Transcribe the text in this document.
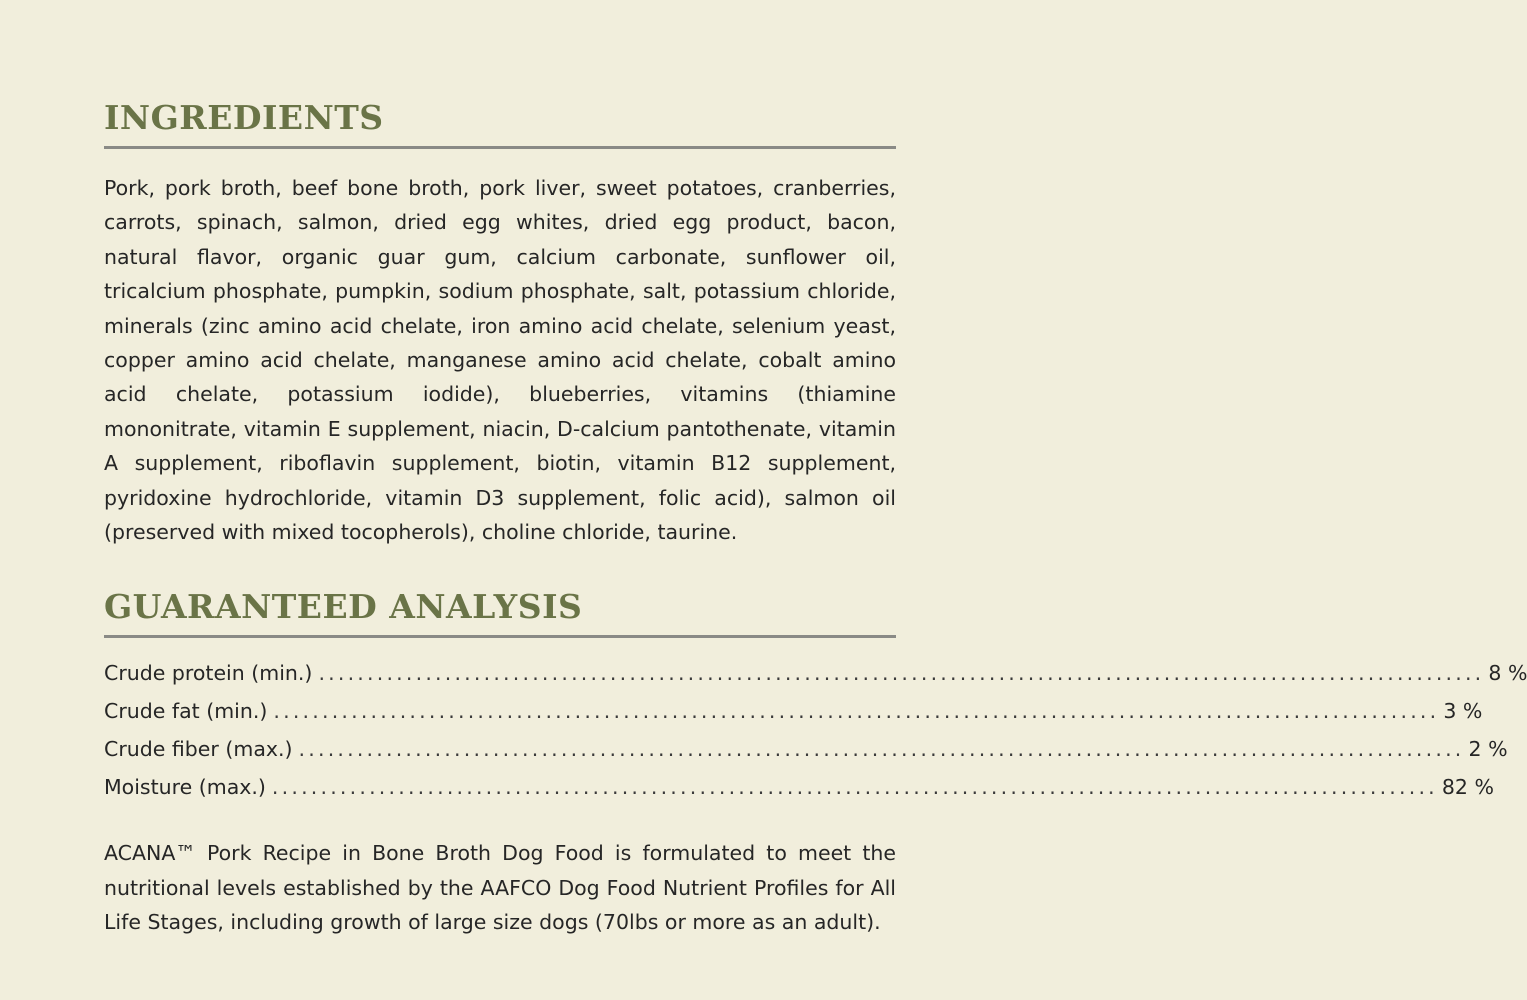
INGREDIENTS

Pork, pork broth, beef bone broth, pork liver, sweet potatoes, cranberries, carrots, spinach, salmon, dried egg whites, dried egg product, bacon, natural flavor, organic guar gum, calcium carbonate, sunflower oil, tricalcium phosphate, pumpkin, sodium phosphate, salt, potassium chloride, minerals (zinc amino acid chelate, iron amino acid chelate, selenium yeast, copper amino acid chelate, manganese amino acid chelate, cobalt amino acid chelate, potassium iodide), blueberries, vitamins (thiamine mononitrate, vitamin E supplement, niacin, D-calcium pantothenate, vitamin A supplement, riboflavin supplement, biotin, vitamin B12 supplement, pyridoxine hydrochloride, vitamin D3 supplement, folic acid), salmon oil (preserved with mixed tocopherols), choline chloride, taurine.

GUARANTEED ANALYSIS
Crude protein (min.) ........................................................................................................................ 8 %
Crude fat (min.) ........................................................................................................................ 3 %
Crude fiber (max.) ........................................................................................................................ 2 %
Moisture (max.) ........................................................................................................................ 82 %

ACANA™ Pork Recipe in Bone Broth Dog Food is formulated to meet the nutritional levels established by the AAFCO Dog Food Nutrient Profiles for All Life Stages, including growth of large size dogs (70lbs or more as an adult).
